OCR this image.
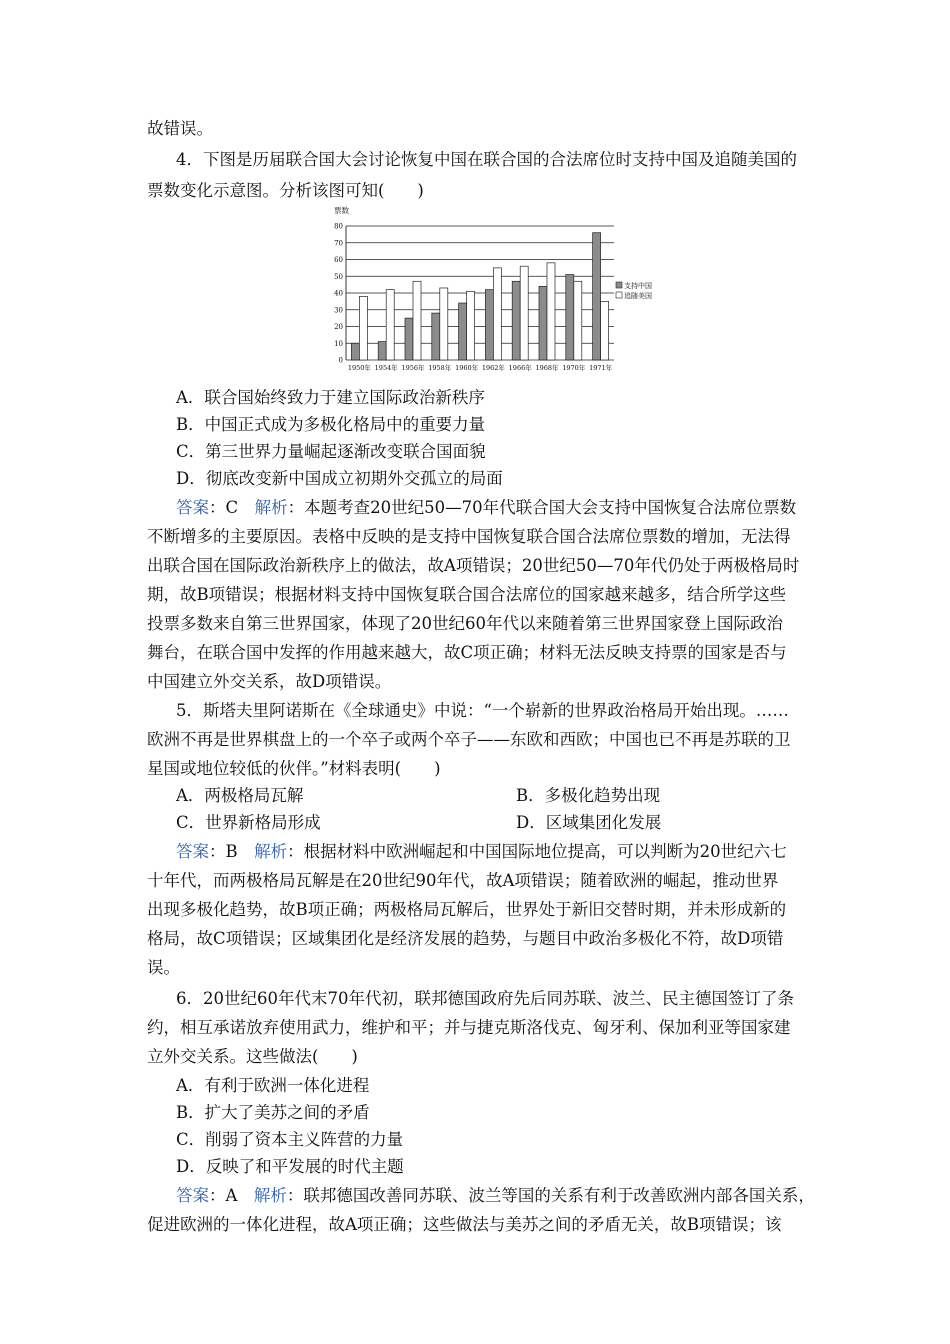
故错误。
4．下图是历届联合国大会讨论恢复中国在联合国的合法席位时支持中国及追随美国的
票数变化示意图。分析该图可知(　　)
票数
0
10
20
30
40
50
60
70
80
1950年 1954年 1956年 1958年 1960年 1962年 1966年 1968年 1970年 1971年
支持中国
追随美国
A．联合国始终致力于建立国际政治新秩序
B．中国正式成为多极化格局中的重要力量
C．第三世界力量崛起逐渐改变联合国面貌
D．彻底改变新中国成立初期外交孤立的局面
答案：C　解析：本题考查20世纪50—70年代联合国大会支持中国恢复合法席位票数
不断增多的主要原因。表格中反映的是支持中国恢复联合国合法席位票数的增加，无法得
出联合国在国际政治新秩序上的做法，故A项错误；20世纪50—70年代仍处于两极格局时
期，故B项错误；根据材料支持中国恢复联合国合法席位的国家越来越多，结合所学这些
投票多数来自第三世界国家，体现了20世纪60年代以来随着第三世界国家登上国际政治
舞台，在联合国中发挥的作用越来越大，故C项正确；材料无法反映支持票的国家是否与
中国建立外交关系，故D项错误。
5．斯塔夫里阿诺斯在《全球通史》中说：“一个崭新的世界政治格局开始出现。……
欧洲不再是世界棋盘上的一个卒子或两个卒子——东欧和西欧；中国也已不再是苏联的卫
星国或地位较低的伙伴。”材料表明(　　)
A．两极格局瓦解	B．多极化趋势出现
C．世界新格局形成	D．区域集团化发展
答案：B　解析：根据材料中欧洲崛起和中国国际地位提高，可以判断为20世纪六七
十年代，而两极格局瓦解是在20世纪90年代，故A项错误；随着欧洲的崛起，推动世界
出现多极化趋势，故B项正确；两极格局瓦解后，世界处于新旧交替时期，并未形成新的
格局，故C项错误；区域集团化是经济发展的趋势，与题目中政治多极化不符，故D项错
误。
6．20世纪60年代末70年代初，联邦德国政府先后同苏联、波兰、民主德国签订了条
约，相互承诺放弃使用武力，维护和平；并与捷克斯洛伐克、匈牙利、保加利亚等国家建
立外交关系。这些做法(　　)
A．有利于欧洲一体化进程
B．扩大了美苏之间的矛盾
C．削弱了资本主义阵营的力量
D．反映了和平发展的时代主题
答案：A　解析：联邦德国改善同苏联、波兰等国的关系有利于改善欧洲内部各国关系，
促进欧洲的一体化进程，故A项正确；这些做法与美苏之间的矛盾无关，故B项错误；该
